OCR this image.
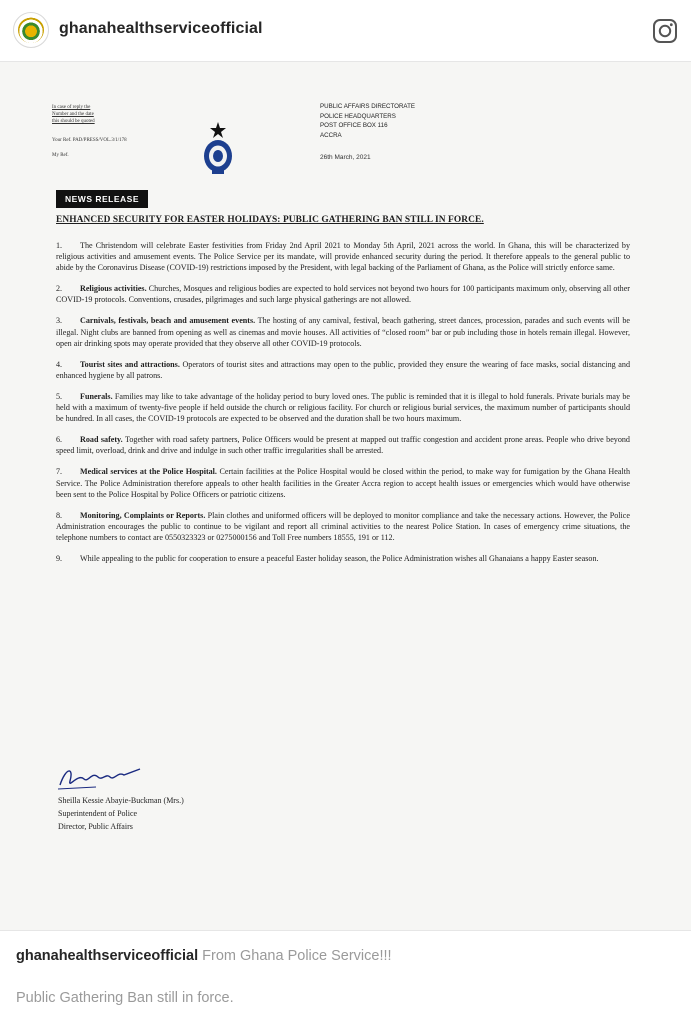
ghanahealthserviceofficial
In case of reply the
Number and the date
this should be quoted
Your Ref. PAD/PRESS/VOL.3/1/178
My Ref.
PUBLIC AFFAIRS DIRECTORATE
POLICE HEADQUARTERS
POST OFFICE BOX 116
ACCRA
26th March, 2021
NEWS RELEASE
ENHANCED SECURITY FOR EASTER HOLIDAYS: PUBLIC GATHERING BAN STILL IN FORCE.

1. The Christendom will celebrate Easter festivities from Friday 2nd April 2021 to Monday 5th April, 2021 across the world. In Ghana, this will be characterized by religious activities and amusement events. The Police Service per its mandate, will provide enhanced security during the period. It therefore appeals to the general public to abide by the Coronavirus Disease (COVID-19) restrictions imposed by the President, with legal backing of the Parliament of Ghana, as the Police will strictly enforce same.

2. Religious activities. Churches, Mosques and religious bodies are expected to hold services not beyond two hours for 100 participants maximum only, observing all other COVID-19 protocols. Conventions, crusades, pilgrimages and such large physical gatherings are not allowed.

3. Carnivals, festivals, beach and amusement events. The hosting of any carnival, festival, beach gathering, street dances, procession, parades and such events will be illegal. Night clubs are banned from opening as well as cinemas and movie houses. All activities of “closed room” bar or pub including those in hotels remain illegal. However, open air drinking spots may operate provided that they observe all other COVID-19 protocols.

4. Tourist sites and attractions. Operators of tourist sites and attractions may open to the public, provided they ensure the wearing of face masks, social distancing and enhanced hygiene by all patrons.

5. Funerals. Families may like to take advantage of the holiday period to bury loved ones. The public is reminded that it is illegal to hold funerals. Private burials may be held with a maximum of twenty-five people if held outside the church or religious facility. For church or religious burial services, the maximum number of participants should be hundred. In all cases, the COVID-19 protocols are expected to be observed and the duration shall be two hours maximum.

6. Road safety. Together with road safety partners, Police Officers would be present at mapped out traffic congestion and accident prone areas. People who drive beyond speed limit, overload, drink and drive and indulge in such other traffic irregularities shall be arrested.

7. Medical services at the Police Hospital. Certain facilities at the Police Hospital would be closed within the period, to make way for fumigation by the Ghana Health Service. The Police Administration therefore appeals to other health facilities in the Greater Accra region to accept health issues or emergencies which would have otherwise been sent to the Police Hospital by Police Officers or patriotic citizens.

8. Monitoring, Complaints or Reports. Plain clothes and uniformed officers will be deployed to monitor compliance and take the necessary actions. However, the Police Administration encourages the public to continue to be vigilant and report all criminal activities to the nearest Police Station. In cases of emergency crime situations, the telephone numbers to contact are 0550323323 or 0275000156 and Toll Free numbers 18555, 191 or 112.

9. While appealing to the public for cooperation to ensure a peaceful Easter holiday season, the Police Administration wishes all Ghanaians a happy Easter season.

Sheilla Kessie Abayie-Buckman (Mrs.)
Superintendent of Police
Director, Public Affairs
ghanahealthserviceofficial From Ghana Police Service!!!
Public Gathering Ban still in force.
